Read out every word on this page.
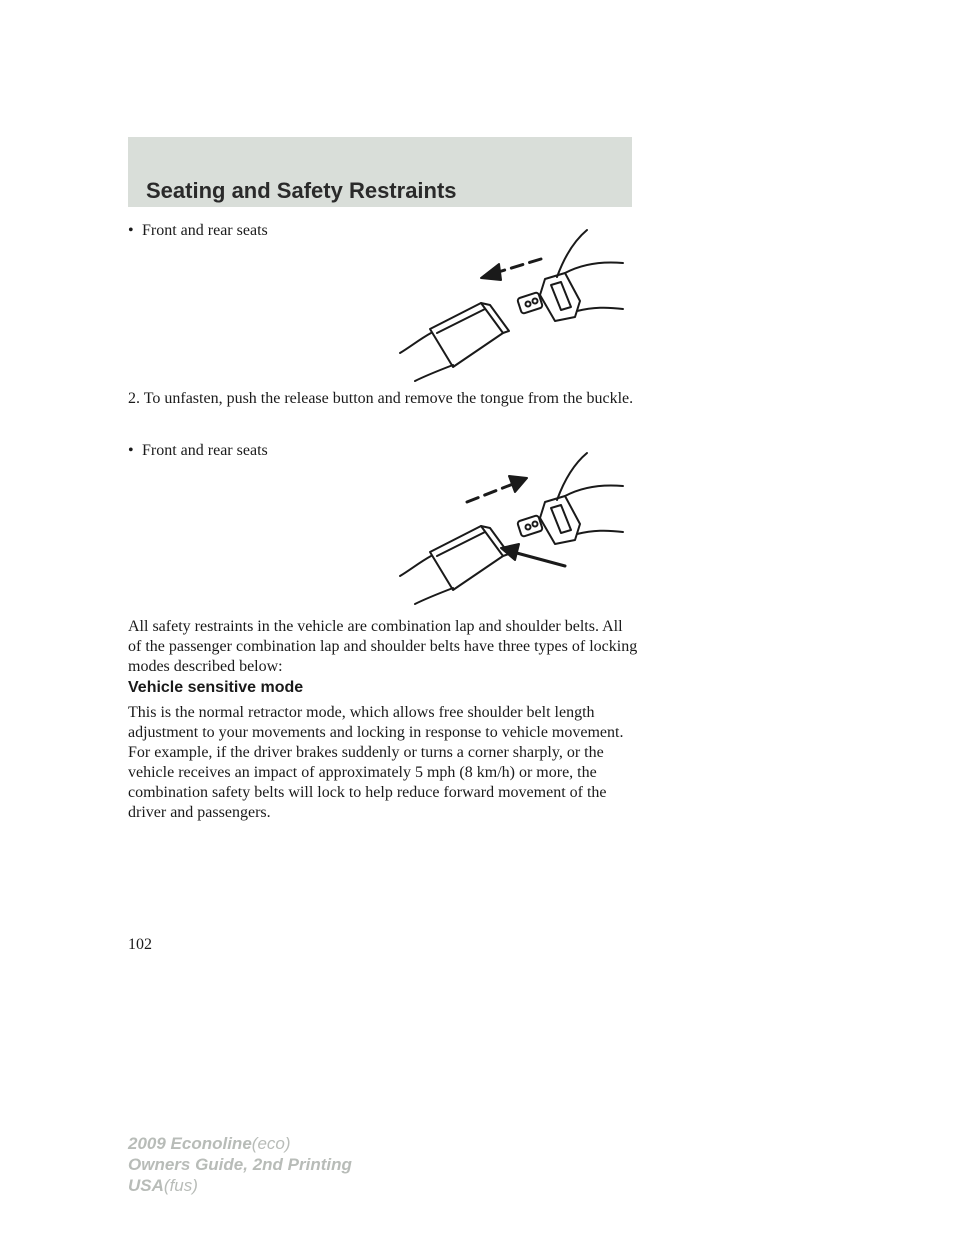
Seating and Safety Restraints
• Front and rear seats
2. To unfasten, push the release button and remove the tongue from the buckle.
• Front and rear seats
All safety restraints in the vehicle are combination lap and shoulder belts. All of the passenger combination lap and shoulder belts have three types of locking modes described below:
Vehicle sensitive mode
This is the normal retractor mode, which allows free shoulder belt length adjustment to your movements and locking in response to vehicle movement. For example, if the driver brakes suddenly or turns a corner sharply, or the vehicle receives an impact of approximately 5 mph (8 km/h) or more, the combination safety belts will lock to help reduce forward movement of the driver and passengers.
102
2009 Econoline(eco)
Owners Guide, 2nd Printing
USA(fus)
